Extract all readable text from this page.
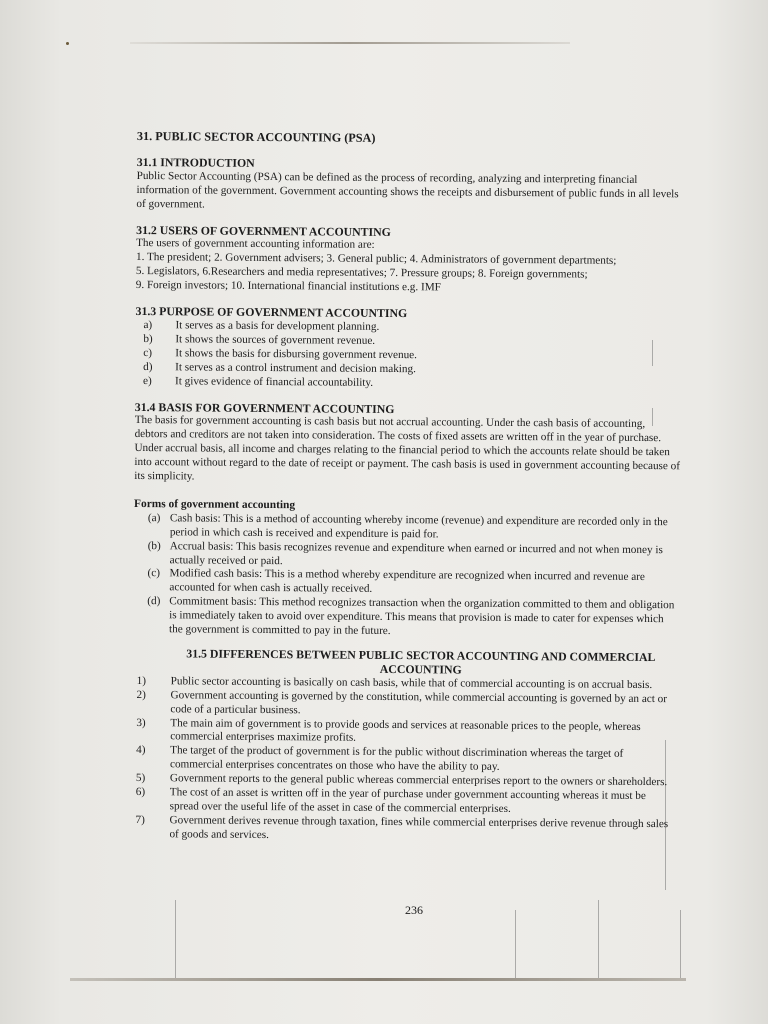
31. PUBLIC SECTOR ACCOUNTING (PSA)
31.1 INTRODUCTION

Public Sector Accounting (PSA) can be defined as the process of recording, analyzing and interpreting financial information of the government. Government accounting shows the receipts and disbursement of public funds in all levels of government.

31.2 USERS OF GOVERNMENT ACCOUNTING

The users of government accounting information are:

1. The president; 2. Government advisers; 3. General public; 4. Administrators of government departments;

5. Legislators, 6.Researchers and media representatives; 7. Pressure groups; 8. Foreign governments;

9. Foreign investors; 10. International financial institutions e.g. IMF

31.3 PURPOSE OF GOVERNMENT ACCOUNTING
a) It serves as a basis for development planning.
b) It shows the sources of government revenue.
c) It shows the basis for disbursing government revenue.
d) It serves as a control instrument and decision making.
e) It gives evidence of financial accountability.
31.4 BASIS FOR GOVERNMENT ACCOUNTING

The basis for government accounting is cash basis but not accrual accounting. Under the cash basis of accounting, debtors and creditors are not taken into consideration. The costs of fixed assets are written off in the year of purchase. Under accrual basis, all income and charges relating to the financial period to which the accounts relate should be taken into account without regard to the date of receipt or payment. The cash basis is used in government accounting because of its simplicity.

Forms of government accounting

(a) Cash basis: This is a method of accounting whereby income (revenue) and expenditure are recorded only in the period in which cash is received and expenditure is paid for.
(b) Accrual basis: This basis recognizes revenue and expenditure when earned or incurred and not when money is actually received or paid.
(c) Modified cash basis: This is a method whereby expenditure are recognized when incurred and revenue are accounted for when cash is actually received.
(d) Commitment basis: This method recognizes transaction when the organization committed to them and obligation is immediately taken to avoid over expenditure. This means that provision is made to cater for expenses which the government is committed to pay in the future.
31.5 DIFFERENCES BETWEEN PUBLIC SECTOR ACCOUNTING AND COMMERCIAL
ACCOUNTING
1) Public sector accounting is basically on cash basis, while that of commercial accounting is on accrual basis.
2) Government accounting is governed by the constitution, while commercial accounting is governed by an act or code of a particular business.
3) The main aim of government is to provide goods and services at reasonable prices to the people, whereas commercial enterprises maximize profits.
4) The target of the product of government is for the public without discrimination whereas the target of commercial enterprises concentrates on those who have the ability to pay.
5) Government reports to the general public whereas commercial enterprises report to the owners or shareholders.
6) The cost of an asset is written off in the year of purchase under government accounting whereas it must be spread over the useful life of the asset in case of the commercial enterprises.
7) Government derives revenue through taxation, fines while commercial enterprises derive revenue through sales of goods and services.
236
